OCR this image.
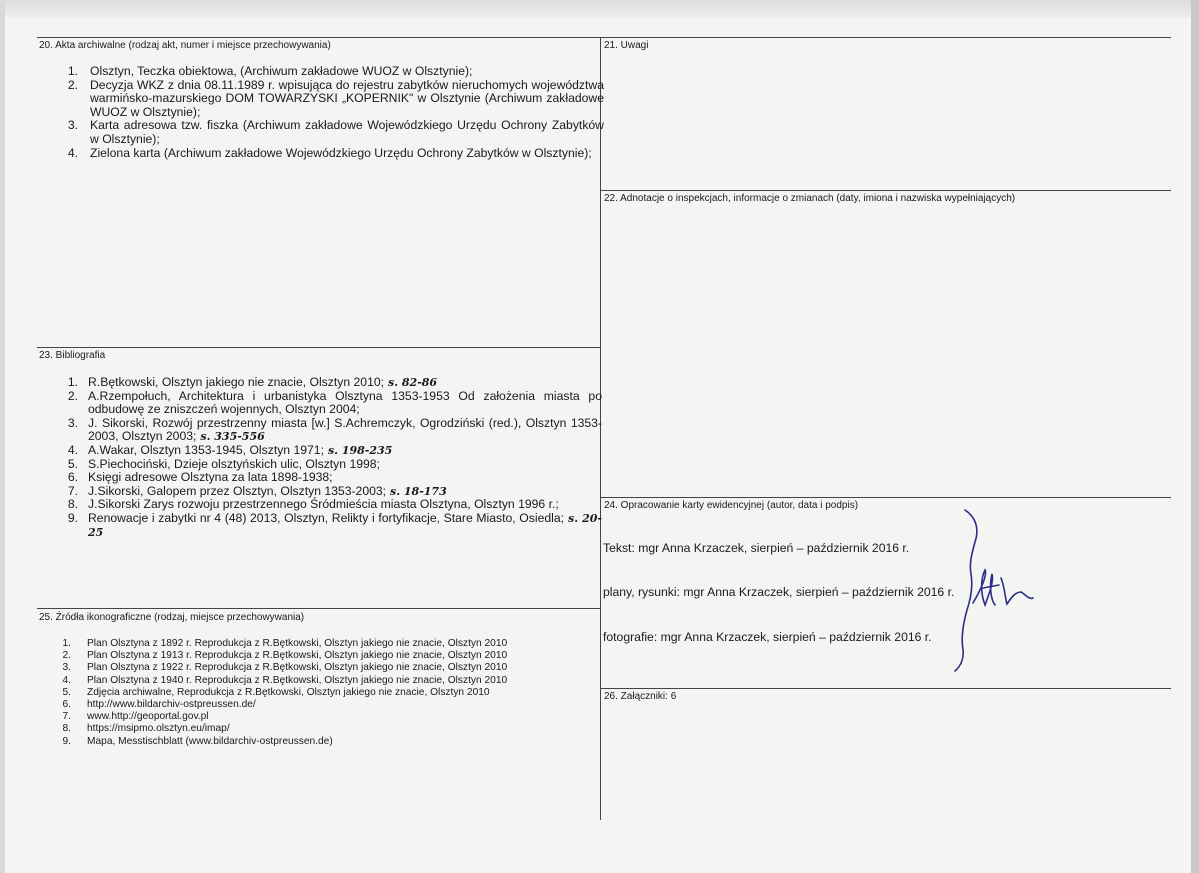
20. Akta archiwalne (rodzaj akt, numer i miejsce przechowywania)
1. Olsztyn, Teczka obiektowa, (Archiwum zakładowe WUOZ w Olsztynie);
2. Decyzja WKZ z dnia 08.11.1989 r. wpisująca do rejestru zabytków nieruchomych województwa warmińsko-mazurskiego DOM TOWARZYSKI „KOPERNIK" w Olsztynie (Archiwum zakładowe WUOZ w Olsztynie);
3. Karta adresowa tzw. fiszka (Archiwum zakładowe Wojewódzkiego Urzędu Ochrony Zabytków w Olsztynie);
4. Zielona karta (Archiwum zakładowe Wojewódzkiego Urzędu Ochrony Zabytków w Olsztynie);
21. Uwagi
22. Adnotacje o inspekcjach, informacje o zmianach (daty, imiona i nazwiska wypełniających)
23. Bibliografia
1. R.Bętkowski, Olsztyn jakiego nie znacie, Olsztyn 2010; s. 82-86
2. A.Rzempołuch, Architektura i urbanistyka Olsztyna 1353-1953 Od założenia miasta po odbudowę ze zniszczeń wojennych, Olsztyn 2004;
3. J. Sikorski, Rozwój przestrzenny miasta [w.] S.Achremczyk, Ogrodziński (red.), Olsztyn 1353-2003, Olsztyn 2003; s. 335-556
4. A.Wakar, Olsztyn 1353-1945, Olsztyn 1971; s. 198-235
5. S.Piechociński, Dzieje olsztyńskich ulic, Olsztyn 1998;
6. Księgi adresowe Olsztyna za lata 1898-1938;
7. J.Sikorski, Galopem przez Olsztyn, Olsztyn 1353-2003; s. 18-173
8. J.Sikorski Zarys rozwoju przestrzennego Śródmieścia miasta Olsztyna, Olsztyn 1996 r.;
9. Renowacje i zabytki nr 4 (48) 2013, Olsztyn, Relikty i fortyfikacje, Stare Miasto, Osiedla; s. 20-25
24. Opracowanie karty ewidencyjnej (autor, data i podpis)
Tekst: mgr Anna Krzaczek, sierpień – październik 2016 r.
plany, rysunki: mgr Anna Krzaczek, sierpień – październik 2016 r.
fotografie: mgr Anna Krzaczek, sierpień – październik 2016 r.
25. Źródła ikonograficzne (rodzaj, miejsce przechowywania)
1. Plan Olsztyna z 1892 r. Reprodukcja z R.Bętkowski, Olsztyn jakiego nie znacie, Olsztyn 2010
2. Plan Olsztyna z 1913 r. Reprodukcja z R.Bętkowski, Olsztyn jakiego nie znacie, Olsztyn 2010
3. Plan Olsztyna z 1922 r. Reprodukcja z R.Bętkowski, Olsztyn jakiego nie znacie, Olsztyn 2010
4. Plan Olsztyna z 1940 r. Reprodukcja z R.Bętkowski, Olsztyn jakiego nie znacie, Olsztyn 2010
5. Zdjęcia archiwalne, Reprodukcja z R.Bętkowski, Olsztyn jakiego nie znacie, Olsztyn 2010
6. http://www.bildarchiv-ostpreussen.de/
7. www.http://geoportal.gov.pl
8. https://msipmo.olsztyn.eu/imap/
9. Mapa, Messtischblatt (www.bildarchiv-ostpreussen.de)
26. Załączniki: 6
